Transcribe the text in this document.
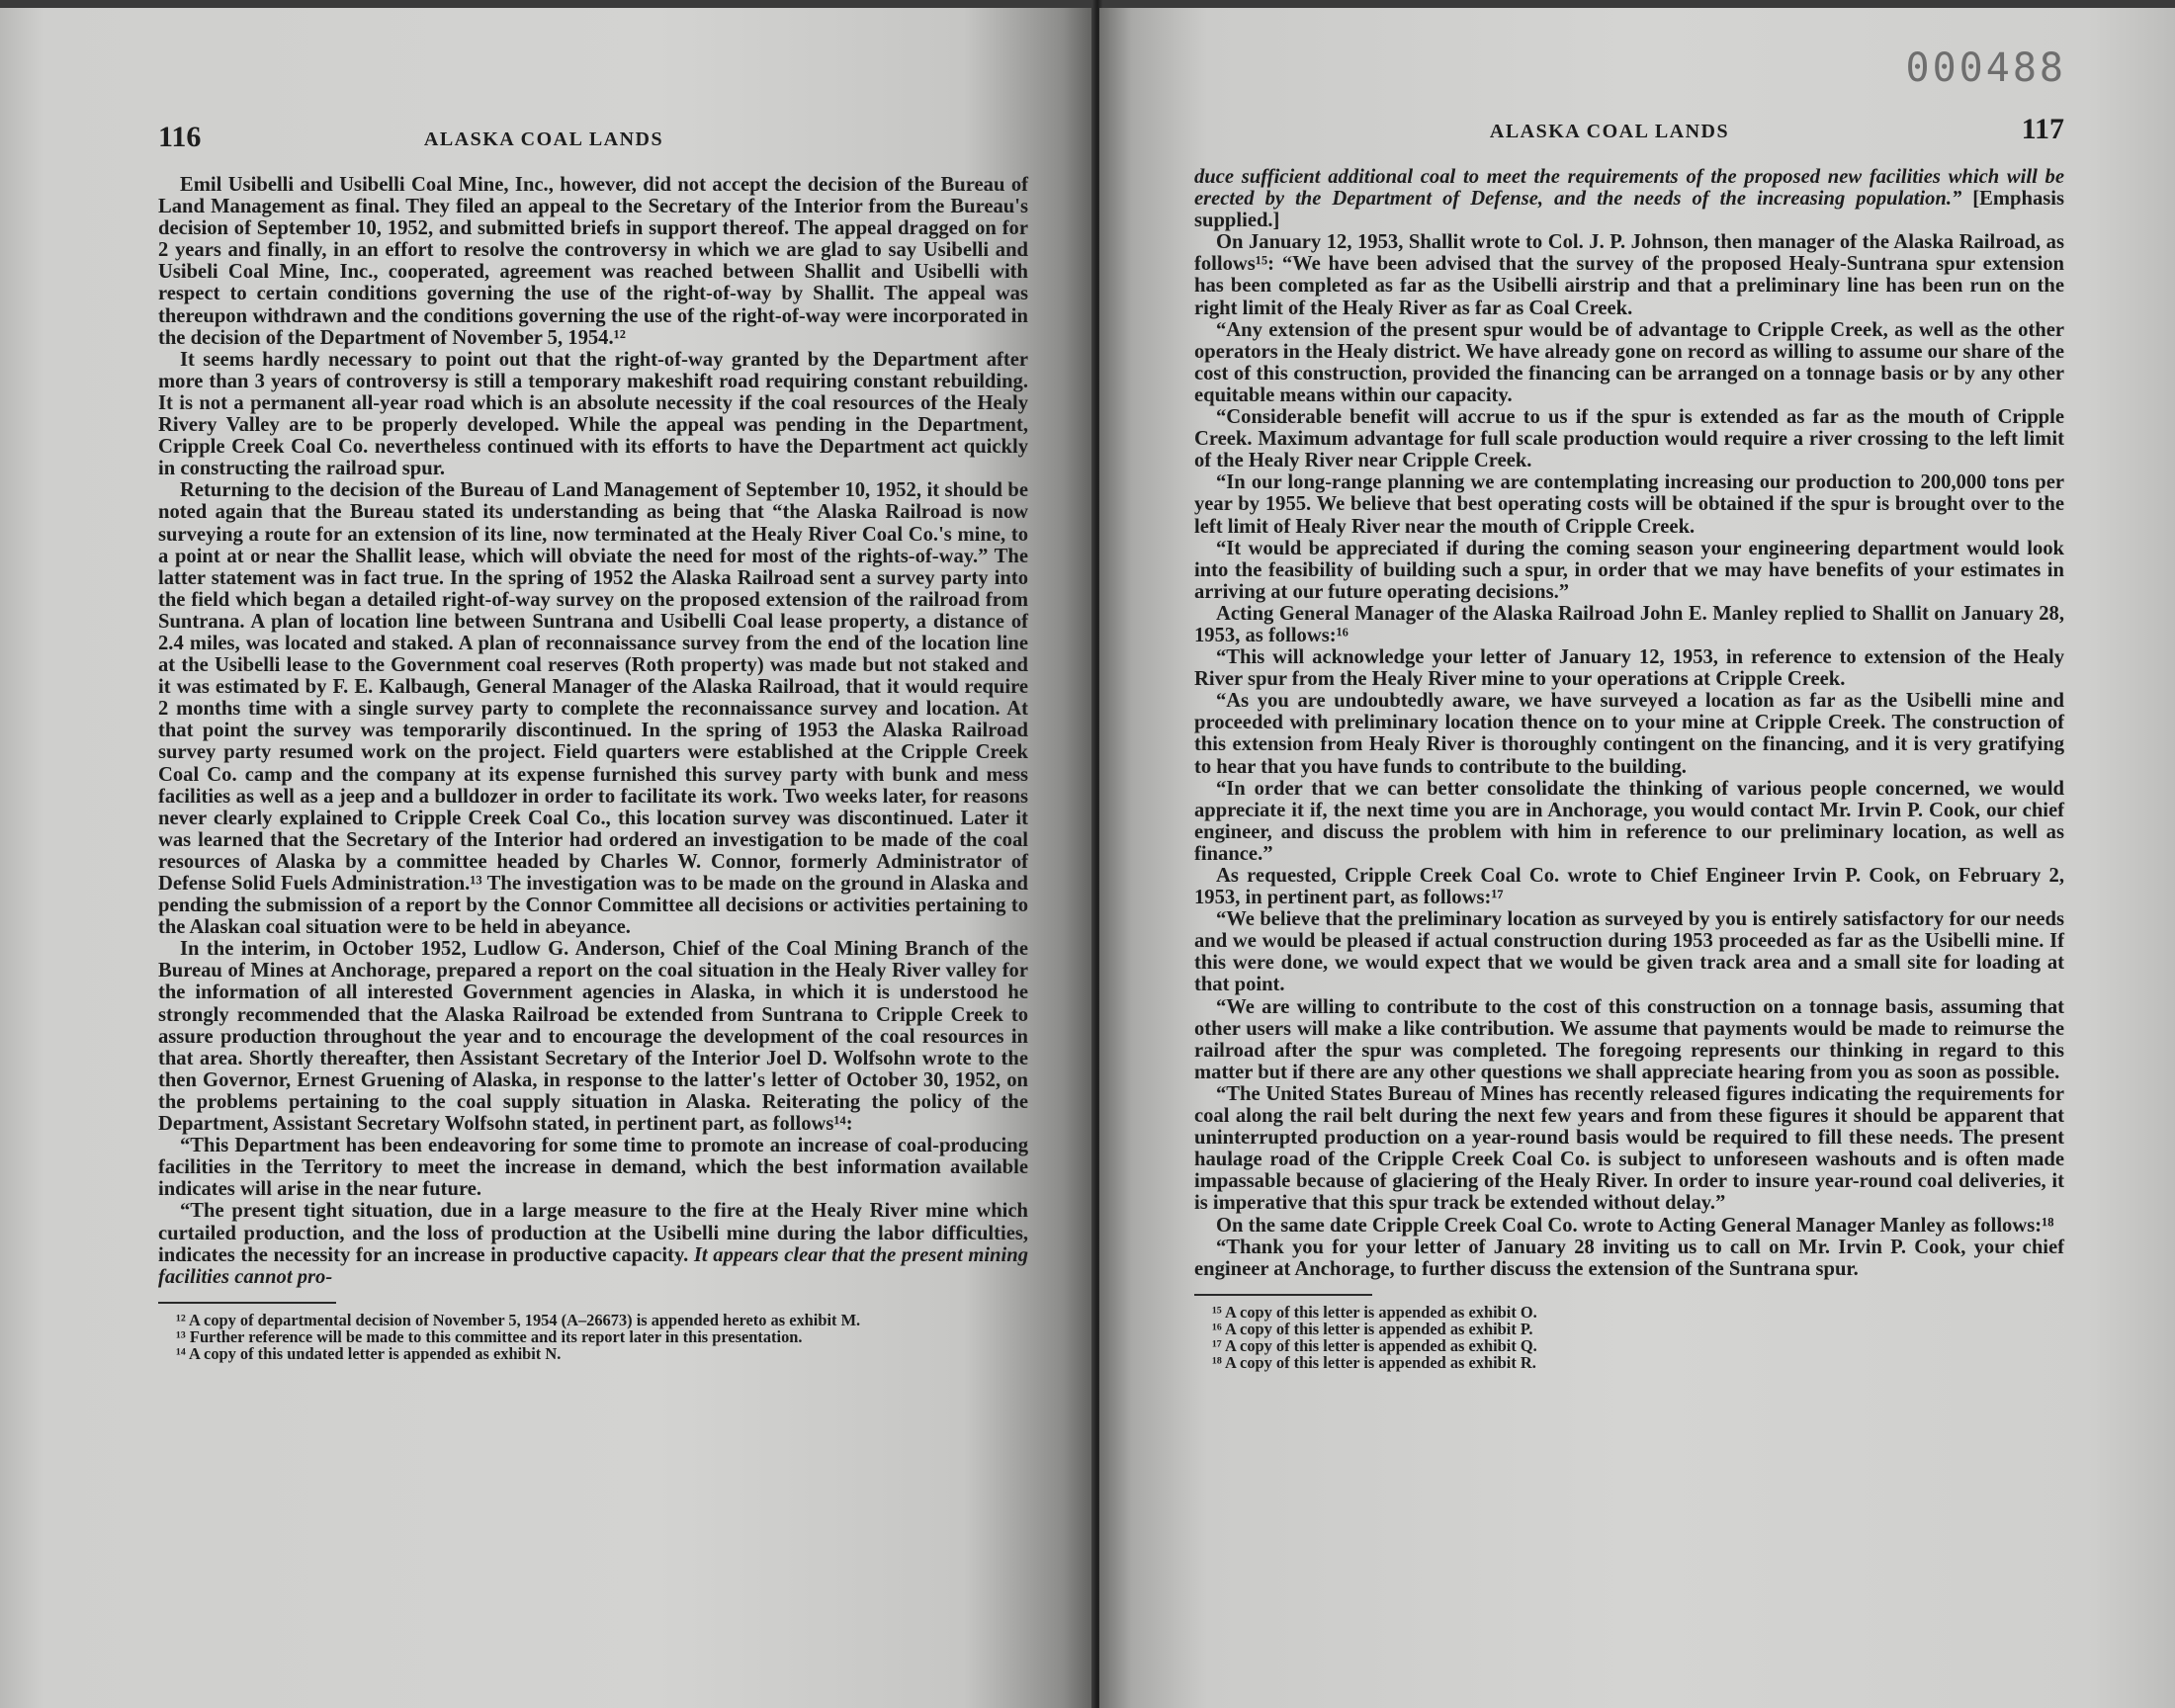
116	ALASKA COAL LANDS

Emil Usibelli and Usibelli Coal Mine, Inc., however, did not accept the decision of the Bureau of Land Management as final. They filed an appeal to the Secretary of the Interior from the Bureau's decision of September 10, 1952, and submitted briefs in support thereof. The appeal dragged on for 2 years and finally, in an effort to resolve the controversy in which we are glad to say Usibelli and Usibeli Coal Mine, Inc., cooperated, agreement was reached between Shallit and Usibelli with respect to certain conditions governing the use of the right-of-way by Shallit. The appeal was thereupon withdrawn and the conditions governing the use of the right-of-way were incorporated in the decision of the Department of November 5, 1954.¹²

It seems hardly necessary to point out that the right-of-way granted by the Department after more than 3 years of controversy is still a temporary makeshift road requiring constant rebuilding. It is not a permanent all-year road which is an absolute necessity if the coal resources of the Healy Rivery Valley are to be properly developed. While the appeal was pending in the Department, Cripple Creek Coal Co. nevertheless continued with its efforts to have the Department act quickly in constructing the railroad spur.

Returning to the decision of the Bureau of Land Management of September 10, 1952, it should be noted again that the Bureau stated its understanding as being that “the Alaska Railroad is now surveying a route for an extension of its line, now terminated at the Healy River Coal Co.'s mine, to a point at or near the Shallit lease, which will obviate the need for most of the rights-of-way.” The latter statement was in fact true. In the spring of 1952 the Alaska Railroad sent a survey party into the field which began a detailed right-of-way survey on the proposed extension of the railroad from Suntrana. A plan of location line between Suntrana and Usibelli Coal lease property, a distance of 2.4 miles, was located and staked. A plan of reconnaissance survey from the end of the location line at the Usibelli lease to the Government coal reserves (Roth property) was made but not staked and it was estimated by F. E. Kalbaugh, General Manager of the Alaska Railroad, that it would require 2 months time with a single survey party to complete the reconnaissance survey and location. At that point the survey was temporarily discontinued. In the spring of 1953 the Alaska Railroad survey party resumed work on the project. Field quarters were established at the Cripple Creek Coal Co. camp and the company at its expense furnished this survey party with bunk and mess facilities as well as a jeep and a bulldozer in order to facilitate its work. Two weeks later, for reasons never clearly explained to Cripple Creek Coal Co., this location survey was discontinued. Later it was learned that the Secretary of the Interior had ordered an investigation to be made of the coal resources of Alaska by a committee headed by Charles W. Connor, formerly Administrator of Defense Solid Fuels Administration.¹³ The investigation was to be made on the ground in Alaska and pending the submission of a report by the Connor Committee all decisions or activities pertaining to the Alaskan coal situation were to be held in abeyance.

In the interim, in October 1952, Ludlow G. Anderson, Chief of the Coal Mining Branch of the Bureau of Mines at Anchorage, prepared a report on the coal situation in the Healy River valley for the information of all interested Government agencies in Alaska, in which it is understood he strongly recommended that the Alaska Railroad be extended from Suntrana to Cripple Creek to assure production throughout the year and to encourage the development of the coal resources in that area. Shortly thereafter, then Assistant Secretary of the Interior Joel D. Wolfsohn wrote to the then Governor, Ernest Gruening of Alaska, in response to the latter's letter of October 30, 1952, on the problems pertaining to the coal supply situation in Alaska. Reiterating the policy of the Department, Assistant Secretary Wolfsohn stated, in pertinent part, as follows¹⁴:

“This Department has been endeavoring for some time to promote an increase of coal-producing facilities in the Territory to meet the increase in demand, which the best information available indicates will arise in the near future.

“The present tight situation, due in a large measure to the fire at the Healy River mine which curtailed production, and the loss of production at the Usibelli mine during the labor difficulties, indicates the necessity for an increase in productive capacity. It appears clear that the present mining facilities cannot pro-

¹² A copy of departmental decision of November 5, 1954 (A–26673) is appended hereto as exhibit M.

¹³ Further reference will be made to this committee and its report later in this presentation.

¹⁴ A copy of this undated letter is appended as exhibit N.

000488
ALASKA COAL LANDS	117

duce sufficient additional coal to meet the requirements of the proposed new facilities which will be erected by the Department of Defense, and the needs of the increasing population.” [Emphasis supplied.]

On January 12, 1953, Shallit wrote to Col. J. P. Johnson, then manager of the Alaska Railroad, as follows¹⁵: “We have been advised that the survey of the proposed Healy-Suntrana spur extension has been completed as far as the Usibelli airstrip and that a preliminary line has been run on the right limit of the Healy River as far as Coal Creek.

“Any extension of the present spur would be of advantage to Cripple Creek, as well as the other operators in the Healy district. We have already gone on record as willing to assume our share of the cost of this construction, provided the financing can be arranged on a tonnage basis or by any other equitable means within our capacity.

“Considerable benefit will accrue to us if the spur is extended as far as the mouth of Cripple Creek. Maximum advantage for full scale production would require a river crossing to the left limit of the Healy River near Cripple Creek.

“In our long-range planning we are contemplating increasing our production to 200,000 tons per year by 1955. We believe that best operating costs will be obtained if the spur is brought over to the left limit of Healy River near the mouth of Cripple Creek.

“It would be appreciated if during the coming season your engineering department would look into the feasibility of building such a spur, in order that we may have benefits of your estimates in arriving at our future operating decisions.”

Acting General Manager of the Alaska Railroad John E. Manley replied to Shallit on January 28, 1953, as follows:¹⁶

“This will acknowledge your letter of January 12, 1953, in reference to extension of the Healy River spur from the Healy River mine to your operations at Cripple Creek.

“As you are undoubtedly aware, we have surveyed a location as far as the Usibelli mine and proceeded with preliminary location thence on to your mine at Cripple Creek. The construction of this extension from Healy River is thoroughly contingent on the financing, and it is very gratifying to hear that you have funds to contribute to the building.

“In order that we can better consolidate the thinking of various people concerned, we would appreciate it if, the next time you are in Anchorage, you would contact Mr. Irvin P. Cook, our chief engineer, and discuss the problem with him in reference to our preliminary location, as well as finance.”

As requested, Cripple Creek Coal Co. wrote to Chief Engineer Irvin P. Cook, on February 2, 1953, in pertinent part, as follows:¹⁷

“We believe that the preliminary location as surveyed by you is entirely satisfactory for our needs and we would be pleased if actual construction during 1953 proceeded as far as the Usibelli mine. If this were done, we would expect that we would be given track area and a small site for loading at that point.

“We are willing to contribute to the cost of this construction on a tonnage basis, assuming that other users will make a like contribution. We assume that payments would be made to reimurse the railroad after the spur was completed. The foregoing represents our thinking in regard to this matter but if there are any other questions we shall appreciate hearing from you as soon as possible.

“The United States Bureau of Mines has recently released figures indicating the requirements for coal along the rail belt during the next few years and from these figures it should be apparent that uninterrupted production on a year-round basis would be required to fill these needs. The present haulage road of the Cripple Creek Coal Co. is subject to unforeseen washouts and is often made impassable because of glaciering of the Healy River. In order to insure year-round coal deliveries, it is imperative that this spur track be extended without delay.”

On the same date Cripple Creek Coal Co. wrote to Acting General Manager Manley as follows:¹⁸

“Thank you for your letter of January 28 inviting us to call on Mr. Irvin P. Cook, your chief engineer at Anchorage, to further discuss the extension of the Suntrana spur.

¹⁵ A copy of this letter is appended as exhibit O.

¹⁶ A copy of this letter is appended as exhibit P.

¹⁷ A copy of this letter is appended as exhibit Q.

¹⁸ A copy of this letter is appended as exhibit R.
